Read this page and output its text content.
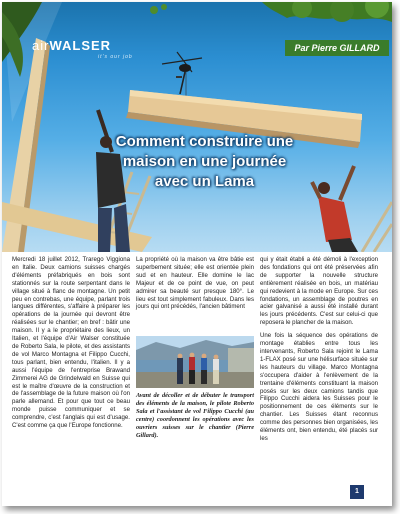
airWALSER
it's our job
Par Pierre GILLARD
Comment construire une maison en une journée avec un Lama

Mercredi 18 juillet 2012, Trarego Viggiona en Italie. Deux camions suisses chargés d'éléments préfabriqués en bois sont stationnés sur la route serpentant dans le village situé à flanc de montagne. Un petit peu en contrebas, une équipe, parlant trois langues différentes, s'affaire à préparer les opérations de la journée qui devront être réalisées sur le chantier; en bref : bâtir une maison. Il y a le propriétaire des lieux, un Italien, et l'équipe d'Air Walser constituée de Roberto Sala, le pilote, et des assistants de vol Marco Montagna et Filippo Cucchi, tous parlant, bien entendu, l'italien. Il y a aussi l'équipe de l'entreprise Brawand Zimmerei AG de Grindelwald en Suisse qui est le maître d'œuvre de la construction et de l'assemblage de la future maison où l'on parle allemand. Et pour que tout ce beau monde puisse communiquer et se comprendre, c'est l'anglais qui est d'usage. C'est comme ça que l'Europe fonctionne.

La propriété où la maison va être bâtie est superbement située; elle est orientée plein sud et en hauteur. Elle domine le lac Majeur et de ce point de vue, on peut admirer sa beauté sur presque 180°. Le lieu est tout simplement fabuleux. Dans les jours qui ont précédés, l'ancien bâtiment

Avant de décoller et de débuter le transport des éléments de la maison, le pilote Roberto Sala et l'assistant de vol Filippo Cucchi (au centre) coordonnent les opérations avec les ouvriers suisses sur le chantier (Pierre Gillard).

qui y était établi a été démoli à l'exception des fondations qui ont été préservées afin de supporter la nouvelle structure entièrement réalisée en bois, un matériau qui redevient à la mode en Europe. Sur ces fondations, un assemblage de poutres en acier galvanisé a aussi été installé durant les jours précédents. C'est sur celui-ci que reposera le plancher de la maison.
Une fois la séquence des opérations de montage établies entre tous les intervenants, Roberto Sala rejoint le Lama 1-FLAX posé sur une hélisurface située sur les hauteurs du village. Marco Montagna s'occupera d'aider à l'enlèvement de la trentaine d'éléments constituant la maison posés sur les deux camions tandis que Filippo Cucchi aidera les Suisses pour le positionnement de ces éléments sur le chantier. Les Suisses étant reconnus comme des personnes bien organisées, les éléments ont, bien entendu, été placés sur les
1
